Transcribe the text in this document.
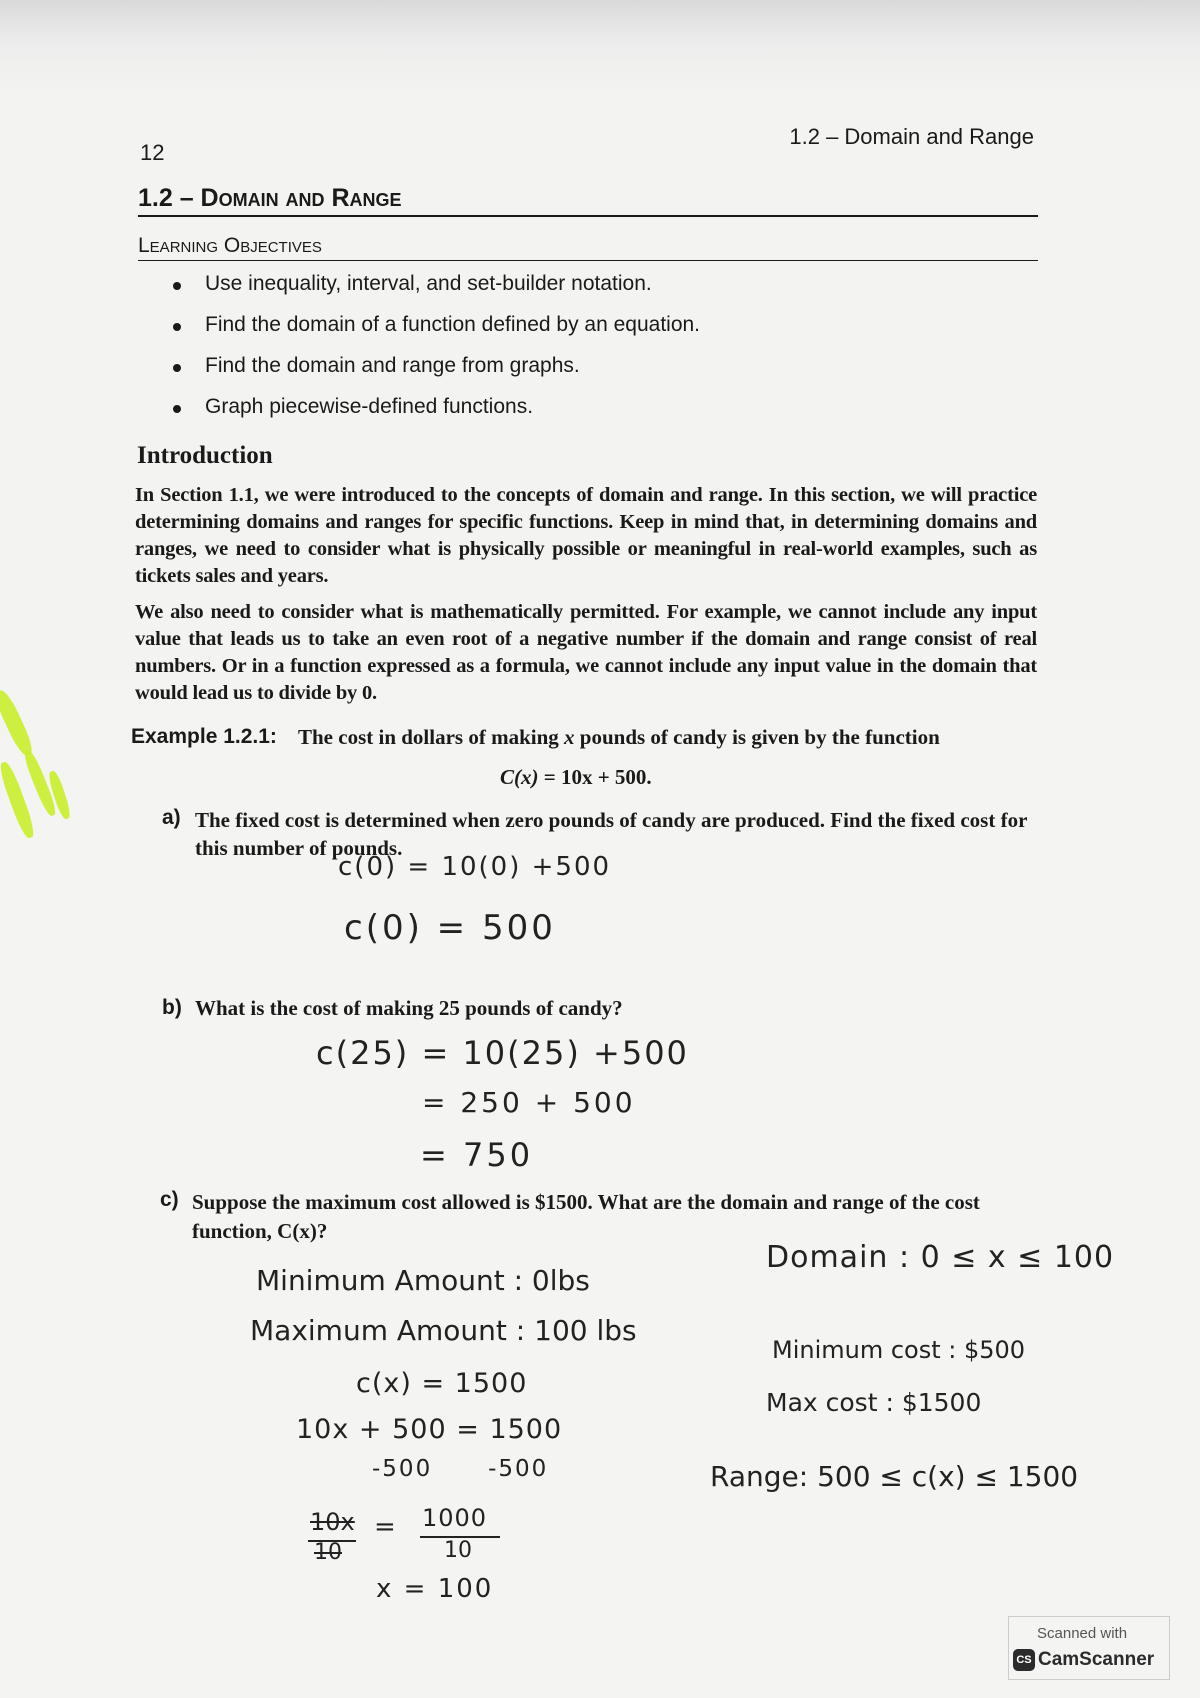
12
1.2 – Domain and Range
1.2 – Domain and Range
Learning Objectives
Use inequality, interval, and set-builder notation.
Find the domain of a function defined by an equation.
Find the domain and range from graphs.
Graph piecewise-defined functions.
Introduction
In Section 1.1, we were introduced to the concepts of domain and range. In this section, we will practice determining domains and ranges for specific functions. Keep in mind that, in determining domains and ranges, we need to consider what is physically possible or meaningful in real-world examples, such as tickets sales and years.
We also need to consider what is mathematically permitted. For example, we cannot include any input value that leads us to take an even root of a negative number if the domain and range consist of real numbers. Or in a function expressed as a formula, we cannot include any input value in the domain that would lead us to divide by 0.
Example 1.2.1: The cost in dollars of making x pounds of candy is given by the function
C(x) = 10x + 500.
a) The fixed cost is determined when zero pounds of candy are produced. Find the fixed cost for this number of pounds.
c(0) = 10(0) +500
c(0) = 500
b) What is the cost of making 25 pounds of candy?
c(25) = 10(25) +500
= 250 + 500
= 750
c) Suppose the maximum cost allowed is $1500. What are the domain and range of the cost function, C(x)?
Minimum Amount : 0lbs
Maximum Amount : 100 lbs
c(x) = 1500
10x + 500 = 1500
-500      -500
10x
10
= 1000
10
x = 100
Domain : 0 ≤ x ≤ 100
Minimum cost : $500
Max cost : $1500
Range: 500 ≤ c(x) ≤ 1500
Scanned with
CS CamScanner
